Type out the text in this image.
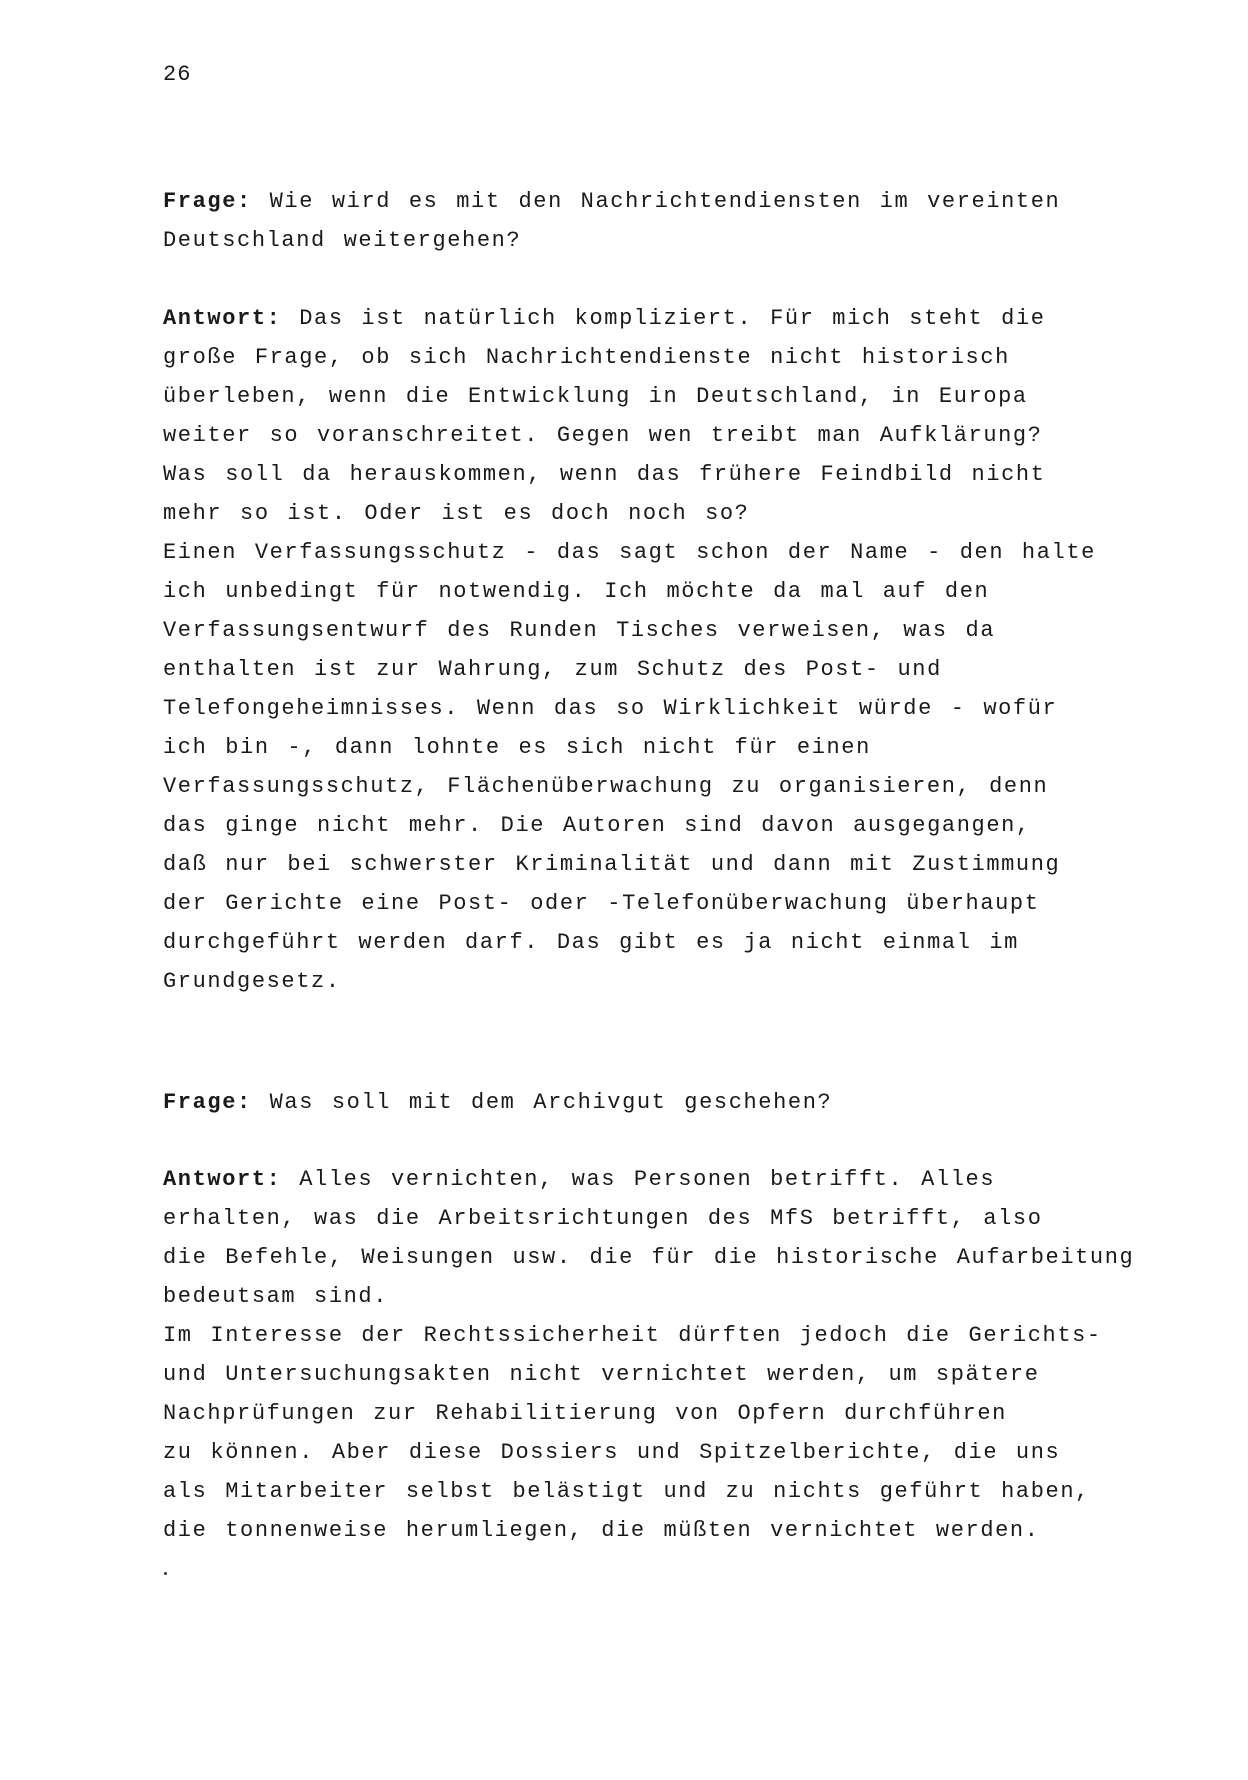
26
Frage: Wie wird es mit den Nachrichtendiensten im vereinten
Deutschland weitergehen?
Antwort: Das ist natürlich kompliziert. Für mich steht die
große Frage, ob sich Nachrichtendienste nicht historisch
überleben, wenn die Entwicklung in Deutschland, in Europa
weiter so voranschreitet. Gegen wen treibt man Aufklärung?
Was soll da herauskommen, wenn das frühere Feindbild nicht
mehr so ist. Oder ist es doch noch so?
Einen Verfassungsschutz - das sagt schon der Name - den halte
ich unbedingt für notwendig. Ich möchte da mal auf den
Verfassungsentwurf des Runden Tisches verweisen, was da
enthalten ist zur Wahrung, zum Schutz des Post- und
Telefongeheimnisses. Wenn das so Wirklichkeit würde - wofür
ich bin -, dann lohnte es sich nicht für einen
Verfassungsschutz, Flächenüberwachung zu organisieren, denn
das ginge nicht mehr. Die Autoren sind davon ausgegangen,
daß nur bei schwerster Kriminalität und dann mit Zustimmung
der Gerichte eine Post- oder -Telefonüberwachung überhaupt
durchgeführt werden darf. Das gibt es ja nicht einmal im
Grundgesetz.
Frage: Was soll mit dem Archivgut geschehen?
Antwort: Alles vernichten, was Personen betrifft. Alles
erhalten, was die Arbeitsrichtungen des MfS betrifft, also
die Befehle, Weisungen usw. die für die historische Aufarbeitung
bedeutsam sind.
Im Interesse der Rechtssicherheit dürften jedoch die Gerichts-
und Untersuchungsakten nicht vernichtet werden, um spätere
Nachprüfungen zur Rehabilitierung von Opfern durchführen
zu können. Aber diese Dossiers und Spitzelberichte, die uns
als Mitarbeiter selbst belästigt und zu nichts geführt haben,
die tonnenweise herumliegen, die müßten vernichtet werden.
